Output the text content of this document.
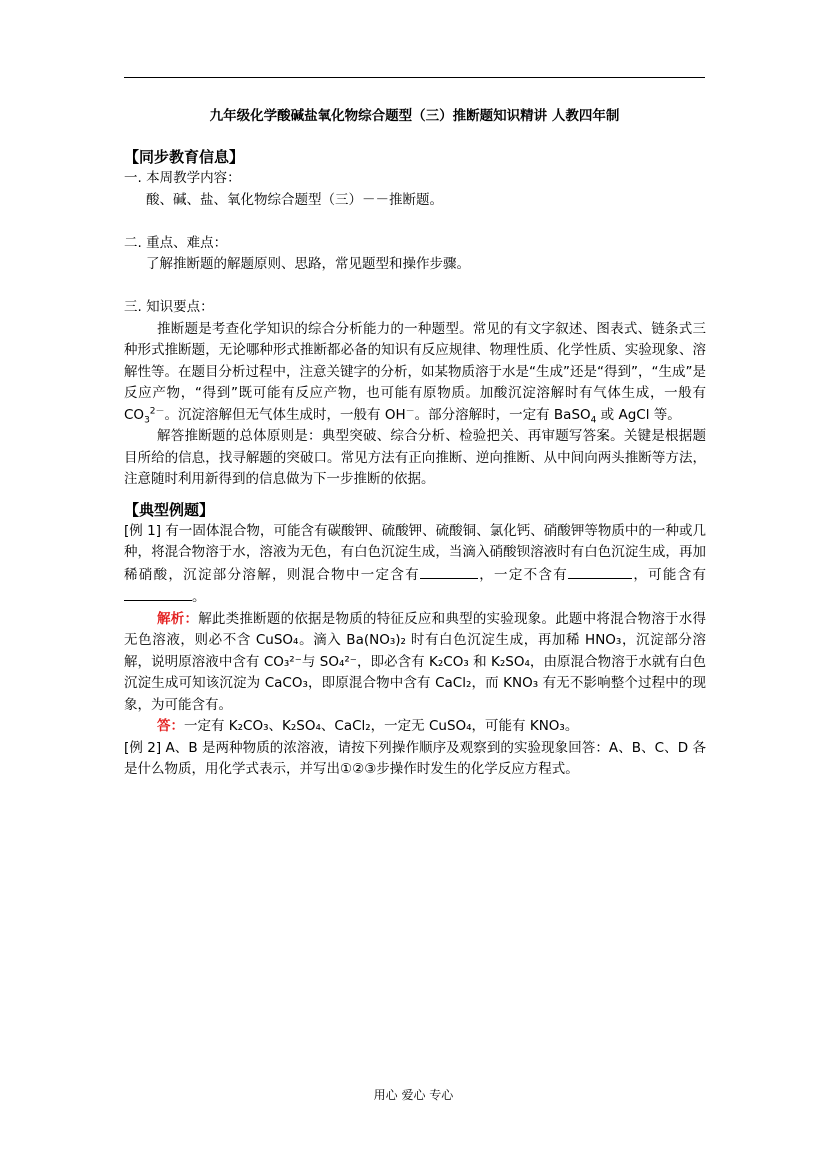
九年级化学酸碱盐氧化物综合题型（三）推断题知识精讲 人教四年制
【同步教育信息】
一. 本周教学内容：
酸、碱、盐、氧化物综合题型（三）－－推断题。
二. 重点、难点：
了解推断题的解题原则、思路，常见题型和操作步骤。
三. 知识要点：
推断题是考查化学知识的综合分析能力的一种题型。常见的有文字叙述、图表式、链条式三种形式推断题，无论哪种形式推断都必备的知识有反应规律、物理性质、化学性质、实验现象、溶解性等。在题目分析过程中，注意关键字的分析，如某物质溶于水是“生成”还是“得到”，“生成”是反应产物，“得到”既可能有反应产物，也可能有原物质。加酸沉淀溶解时有气体生成，一般有 $CO_3^{2-}$。沉淀溶解但无气体生成时，一般有 OH－。部分溶解时，一定有 BaSO$_4$ 或 AgCl 等。
解答推断题的总体原则是：典型突破、综合分析、检验把关、再审题写答案。关键是根据题目所给的信息，找寻解题的突破口。常见方法有正向推断、逆向推断、从中间向两头推断等方法，注意随时利用新得到的信息做为下一步推断的依据。
【典型例题】
[例 1] 有一固体混合物，可能含有碳酸钾、硫酸钾、硫酸铜、氯化钙、硝酸钾等物质中的一种或几种，将混合物溶于水，溶液为无色，有白色沉淀生成，当滴入硝酸钡溶液时有白色沉淀生成，再加稀硝酸，沉淀部分溶解，则混合物中一定含有	，一定不含有	，可能含有。
解析：解此类推断题的依据是物质的特征反应和典型的实验现象。此题中将混合物溶于水得无色溶液，则必不含 CuSO₄。滴入 Ba(NO₃)₂ 时有白色沉淀生成，再加稀 HNO₃，沉淀部分溶解，说明原溶液中含有 CO₃²⁻与 SO₄²⁻，即必含有 K₂CO₃ 和 K₂SO₄，由原混合物溶于水就有白色沉淀生成可知该沉淀为 CaCO₃，即原混合物中含有 CaCl₂，而 KNO₃ 有无不影响整个过程中的现象，为可能含有。
答：一定有 K₂CO₃、K₂SO₄、CaCl₂，一定无 CuSO₄，可能有 KNO₃。
[例 2] A、B 是两种物质的浓溶液，请按下列操作顺序及观察到的实验现象回答：A、B、C、D 各是什么物质，用化学式表示，并写出①②③步操作时发生的化学反应方程式。
用心 爱心 专心
